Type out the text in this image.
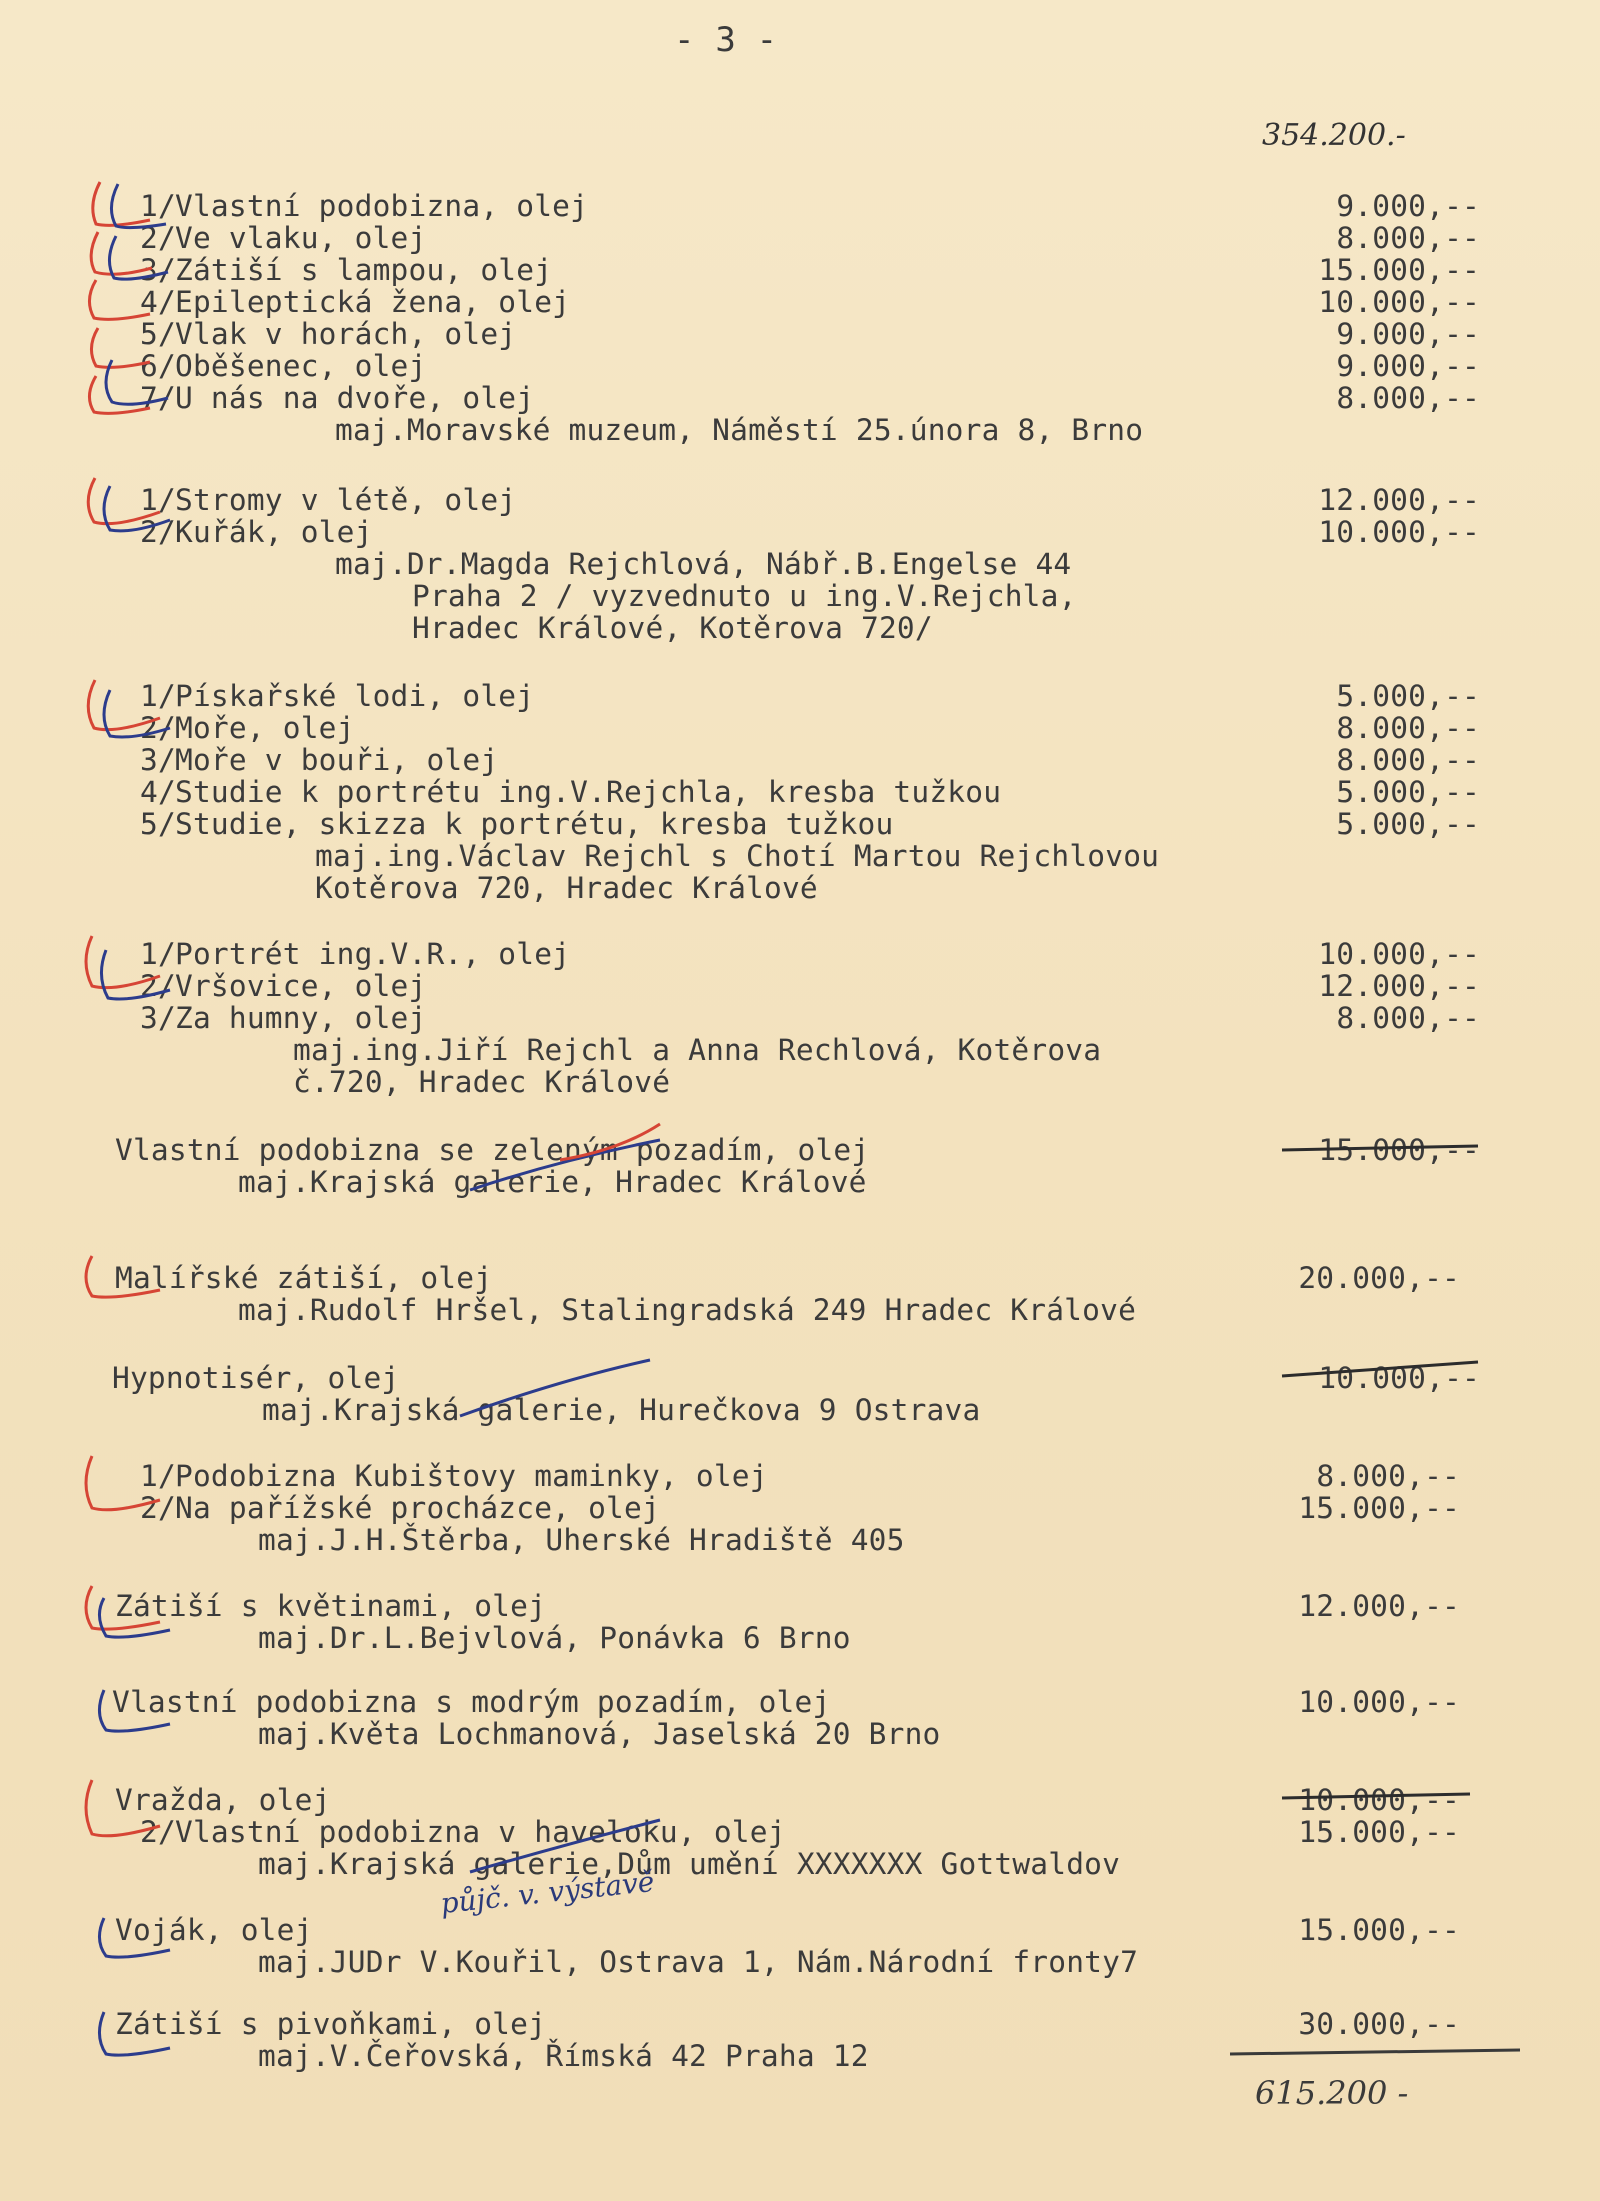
- 3 -
354.200.-
1/ Vlastní podobizna, olej	9.000,--
2/ Ve vlaku, olej	8.000,--
3/ Zátiší s lampou, olej	15.000,--
4/ Epileptická žena, olej	10.000,--
5/ Vlak v horách, olej	9.000,--
6/ Oběšenec, olej	9.000,--
7/ U nás na dvoře, olej	8.000,--
maj.Moravské muzeum, Náměstí 25.února 8, Brno
1/ Stromy v létě, olej	12.000,--
2/ Kuřák, olej	10.000,--
maj.Dr.Magda Rejchlová, Nábř.B.Engelse 44
Praha 2 / vyzvednuto u ing.V.Rejchla,
Hradec Králové, Kotěrova 720/
1/ Pískařské lodi, olej	5.000,--
2/ Moře, olej	8.000,--
3/ Moře v bouři, olej	8.000,--
4/ Studie k portrétu ing.V.Rejchla, kresba tužkou	5.000,--
5/ Studie, skizza k portrétu, kresba tužkou	5.000,--
maj.ing.Václav Rejchl s Chotí Martou Rejchlovou
Kotěrova 720, Hradec Králové
1/ Portrét ing.V.R., olej	10.000,--
2/ Vršovice, olej	12.000,--
3/ Za humny, olej	8.000,--
maj.ing.Jiří Rejchl a Anna Rechlová, Kotěrova
č.720, Hradec Králové
Vlastní podobizna se zeleným pozadím, olej	15.000,--
maj.Krajská galerie, Hradec Králové
Malířské zátiší, olej	20.000,--
maj.Rudolf Hršel, Stalingradská 249 Hradec Králové
Hypnotisér, olej	10.000,--
maj.Krajská galerie, Hurečkova 9 Ostrava
1/ Podobizna Kubištovy maminky, olej	8.000,--
2/ Na pařížské procházce, olej	15.000,--
maj.J.H.Štěrba, Uherské Hradiště 405
Zátiší s květinami, olej	12.000,--
maj.Dr.L.Bejvlová, Ponávka 6 Brno
Vlastní podobizna s modrým pozadím, olej	10.000,--
maj.Květa Lochmanová, Jaselská 20 Brno
Vražda, olej	10.000,--
2/ Vlastní podobizna v haveloku, olej	15.000,--
maj.Krajská galerie,Dům umění XXXXXXX Gottwaldov
Voják, olej	15.000,--
maj.JUDr V.Kouřil, Ostrava 1, Nám.Národní fronty7
půjč. v. výstavě
Zátiší s pivoňkami, olej	30.000,--
maj.V.Čeřovská, Římská 42 Praha 12
615.200 -
